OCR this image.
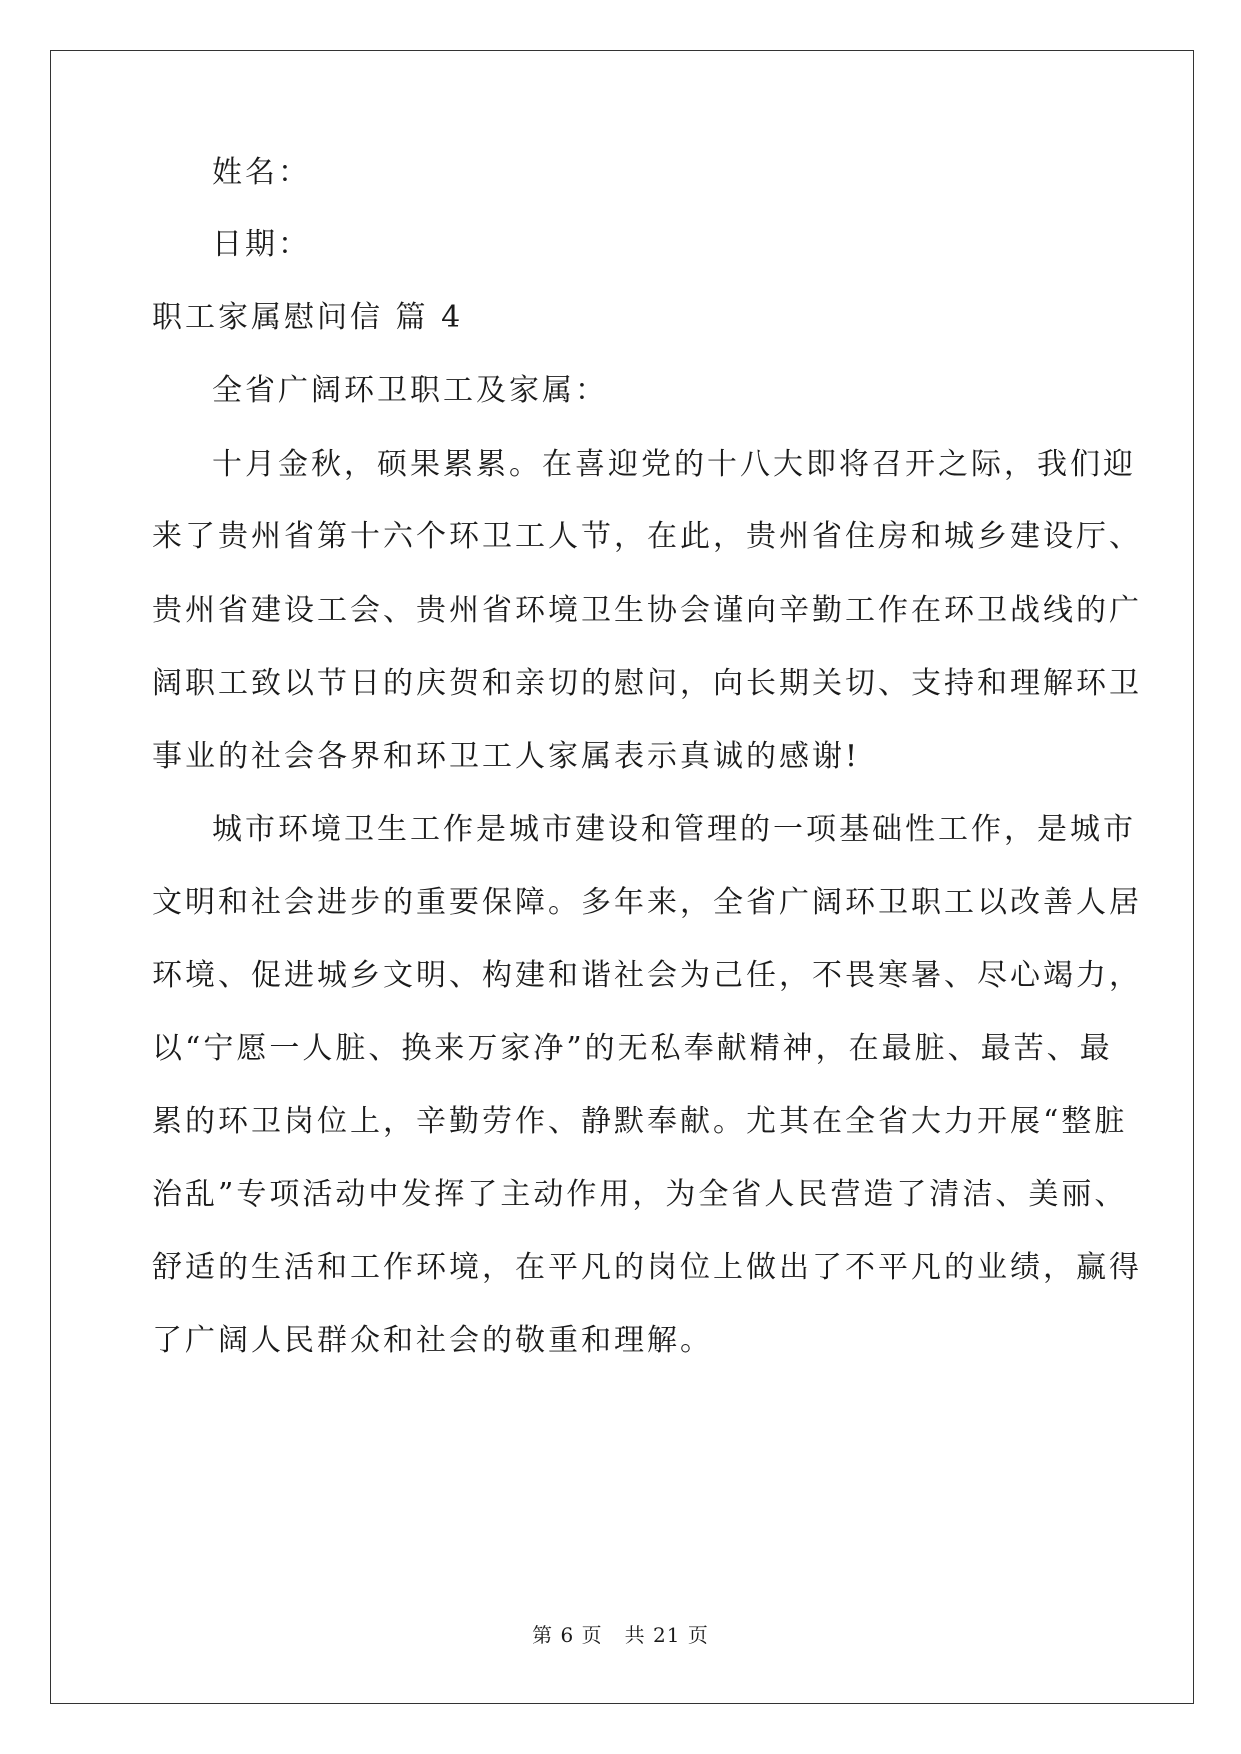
姓名：
日期：
职工家属慰问信 篇 4
全省广阔环卫职工及家属：
十月金秋，硕果累累。在喜迎党的十八大即将召开之际，我们迎
来了贵州省第十六个环卫工人节，在此，贵州省住房和城乡建设厅、
贵州省建设工会、贵州省环境卫生协会谨向辛勤工作在环卫战线的广
阔职工致以节日的庆贺和亲切的慰问，向长期关切、支持和理解环卫
事业的社会各界和环卫工人家属表示真诚的感谢!
城市环境卫生工作是城市建设和管理的一项基础性工作，是城市
文明和社会进步的重要保障。多年来，全省广阔环卫职工以改善人居
环境、促进城乡文明、构建和谐社会为己任，不畏寒暑、尽心竭力，
以“宁愿一人脏、换来万家净”的无私奉献精神，在最脏、最苦、最
累的环卫岗位上，辛勤劳作、静默奉献。尤其在全省大力开展“整脏
治乱”专项活动中发挥了主动作用，为全省人民营造了清洁、美丽、
舒适的生活和工作环境，在平凡的岗位上做出了不平凡的业绩，赢得
了广阔人民群众和社会的敬重和理解。
第 6 页   共 21 页
